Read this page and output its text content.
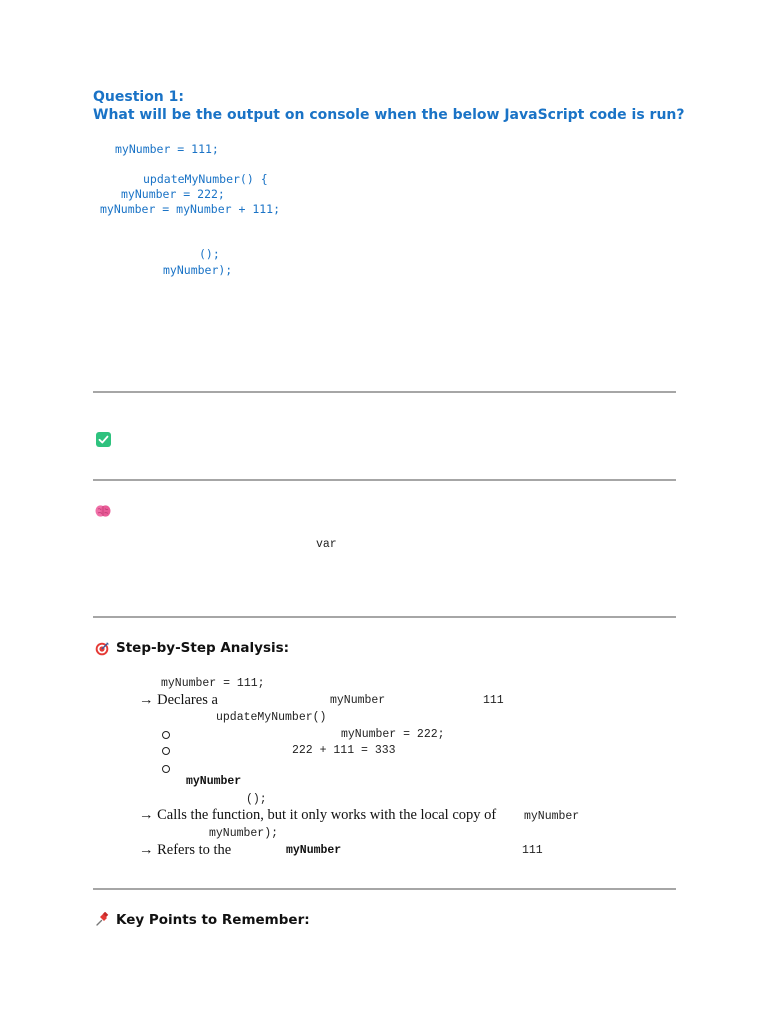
Question 1:
What will be the output on console when the below JavaScript code is run?
myNumber = 111;
updateMyNumber() {
myNumber = 222;
myNumber = myNumber + 111;
();
myNumber);
var
Step-by-Step Analysis:
myNumber = 111;
→ Declares a	myNumber	111
updateMyNumber()
myNumber = 222;
222 + 111 = 333
myNumber
();
→ Calls the function, but it only works with the local copy of myNumber
myNumber);
→ Refers to the	myNumber	111
Key Points to Remember:
